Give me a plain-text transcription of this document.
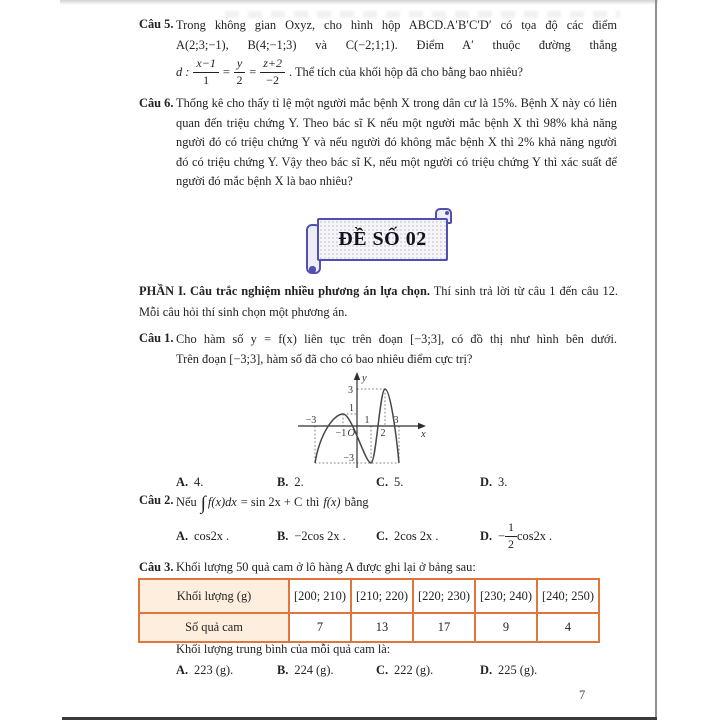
Câu 5. Trong không gian Oxyz, cho hình hộp ABCD.A′B′C′D′ có tọa độ các điểm
A(2;3;−1), B(4;−1;3) và C(−2;1;1). Điểm A′ thuộc đường thẳng
d : $\frac{x-1}{1} = \frac{y}{2} = \frac{z+2}{-2}$ . Thể tích của khối hộp đã cho bằng bao nhiêu?
Câu 6. Thống kê cho thấy tỉ lệ một người mắc bệnh X trong dân cư là 15%. Bệnh X này có liên quan đến triệu chứng Y. Theo bác sĩ K nếu một người mắc bệnh X thì 98% khả năng người đó có triệu chứng Y và nếu người đó không mắc bệnh X thì 2% khả năng người đó có triệu chứng Y. Vậy theo bác sĩ K, nếu một người có triệu chứng Y thì xác suất để người đó mắc bệnh X là bao nhiêu?

ĐỀ SỐ 02
PHẦN I. Câu trắc nghiệm nhiều phương án lựa chọn. Thí sinh trả lời từ câu 1 đến câu 12. Mỗi câu hỏi thí sinh chọn một phương án.
Câu 1. Cho hàm số y = f(x) liên tục trên đoạn [−3;3], có đồ thị như hình bên dưới.
Trên đoạn [−3;3], hàm số đã cho có bao nhiêu điểm cực trị?
y
x
3
1
−3
O
−3
−1
1
2
3
A. 4.	B. 2.	C. 5.	D. 3.
Câu 2. Nếu ∫ f(x)dx = sin 2x + C thì f(x) bằng
A. cos2x .	B. −2cos 2x . C. 2cos 2x .	D. − $\frac{1}{2} \cos 2x$ .
Câu 3. Khối lượng 50 quả cam ở lô hàng A được ghi lại ở bảng sau:
Khối lượng (g)	[200; 210)	[210; 220)	[220; 230)	[230; 240)	[240; 250)
Số quả cam	7	13	17	9	4
Khối lượng trung bình của mỗi quả cam là:
A. 223 (g).	B. 224 (g).	C. 222 (g).	D. 225 (g).
7
